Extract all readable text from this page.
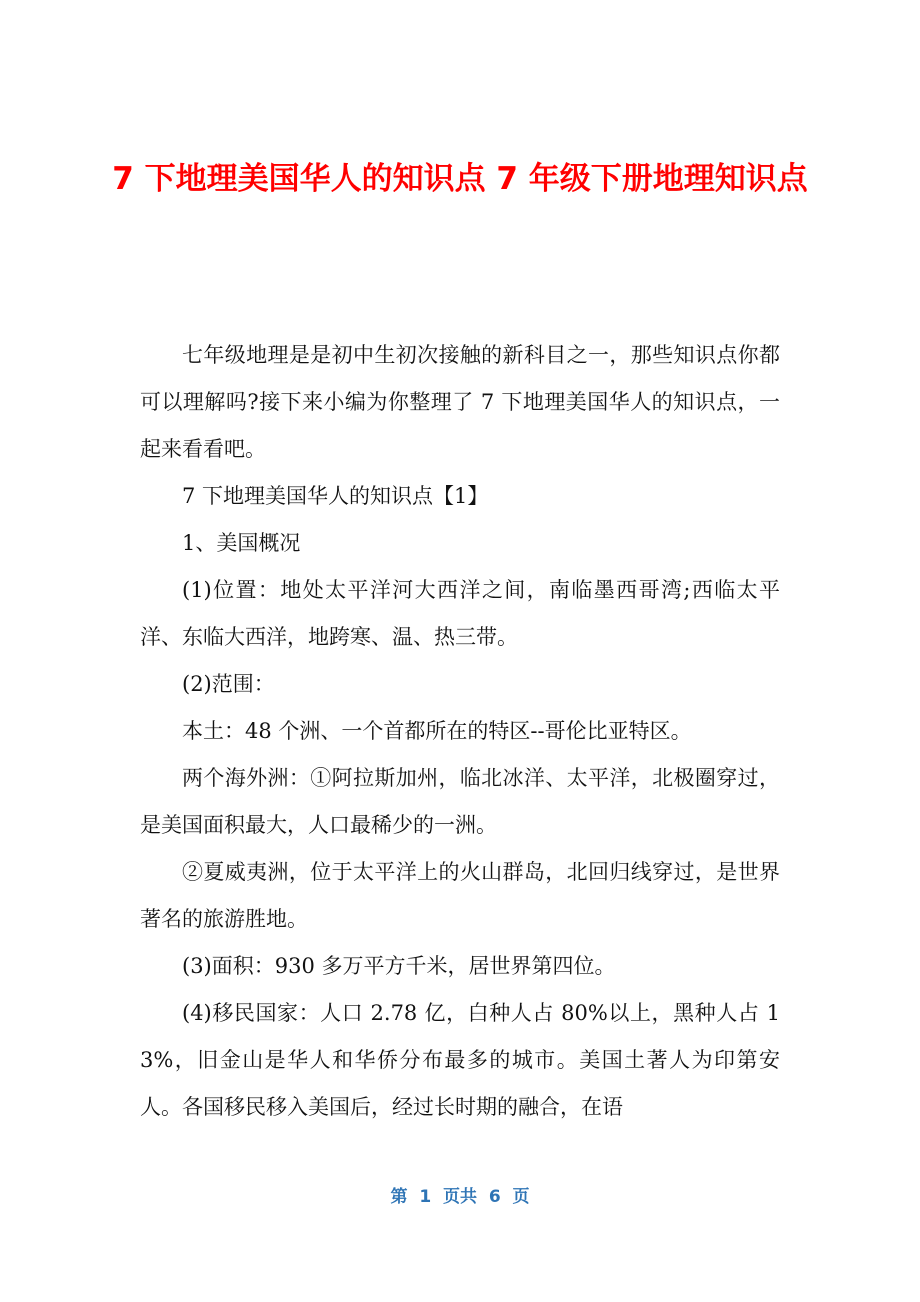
7 下地理美国华人的知识点 7 年级下册地理知识点

七年级地理是是初中生初次接触的新科目之一，那些知识点你都可以理解吗?接下来小编为你整理了 7 下地理美国华人的知识点，一起来看看吧。

7 下地理美国华人的知识点【1】

1、美国概况

(1)位置：地处太平洋河大西洋之间，南临墨西哥湾;西临太平洋、东临大西洋，地跨寒、温、热三带。

(2)范围：

本土：48 个洲、一个首都所在的特区--哥伦比亚特区。

两个海外洲：①阿拉斯加州，临北冰洋、太平洋，北极圈穿过，是美国面积最大，人口最稀少的一洲。

②夏威夷洲，位于太平洋上的火山群岛，北回归线穿过，是世界著名的旅游胜地。

(3)面积：930 多万平方千米，居世界第四位。

(4)移民国家：人口 2.78 亿，白种人占 80%以上，黑种人占 13%，旧金山是华人和华侨分布最多的城市。美国土著人为印第安人。各国移民移入美国后，经过长时期的融合，在语

第  1  页共  6  页
